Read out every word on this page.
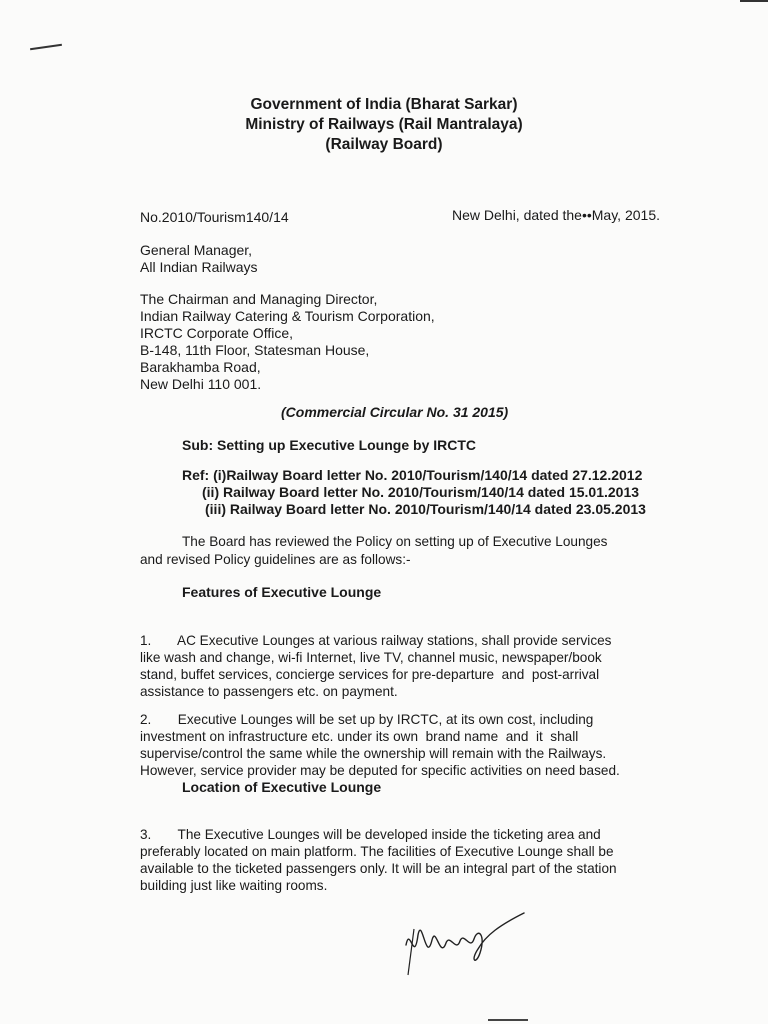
Government of India (Bharat Sarkar)
Ministry of Railways (Rail Mantralaya)
(Railway Board)
No.2010/Tourism140/14	New Delhi, dated the••May, 2015.
General Manager,
All Indian Railways
The Chairman and Managing Director,
Indian Railway Catering & Tourism Corporation,
IRCTC Corporate Office,
B-148, 11th Floor, Statesman House,
Barakhamba Road,
New Delhi 110 001.
(Commercial Circular No. 31 2015)
Sub: Setting up Executive Lounge by IRCTC
Ref: (i)Railway Board letter No. 2010/Tourism/140/14 dated 27.12.2012
(ii) Railway Board letter No. 2010/Tourism/140/14 dated 15.01.2013
(iii) Railway Board letter No. 2010/Tourism/140/14 dated 23.05.2013
The Board has reviewed the Policy on setting up of Executive Lounges
and revised Policy guidelines are as follows:-
Features of Executive Lounge

1.       AC Executive Lounges at various railway stations, shall provide services
like wash and change, wi-fi Internet, live TV, channel music, newspaper/book
stand, buffet services, concierge services for pre-departure  and  post-arrival
assistance to passengers etc. on payment.

2.       Executive Lounges will be set up by IRCTC, at its own cost, including
investment on infrastructure etc. under its own  brand name  and  it  shall
supervise/control the same while the ownership will remain with the Railways.
However, service provider may be deputed for specific activities on need based.

Location of Executive Lounge

3.       The Executive Lounges will be developed inside the ticketing area and
preferably located on main platform. The facilities of Executive Lounge shall be
available to the ticketed passengers only. It will be an integral part of the station
building just like waiting rooms.
